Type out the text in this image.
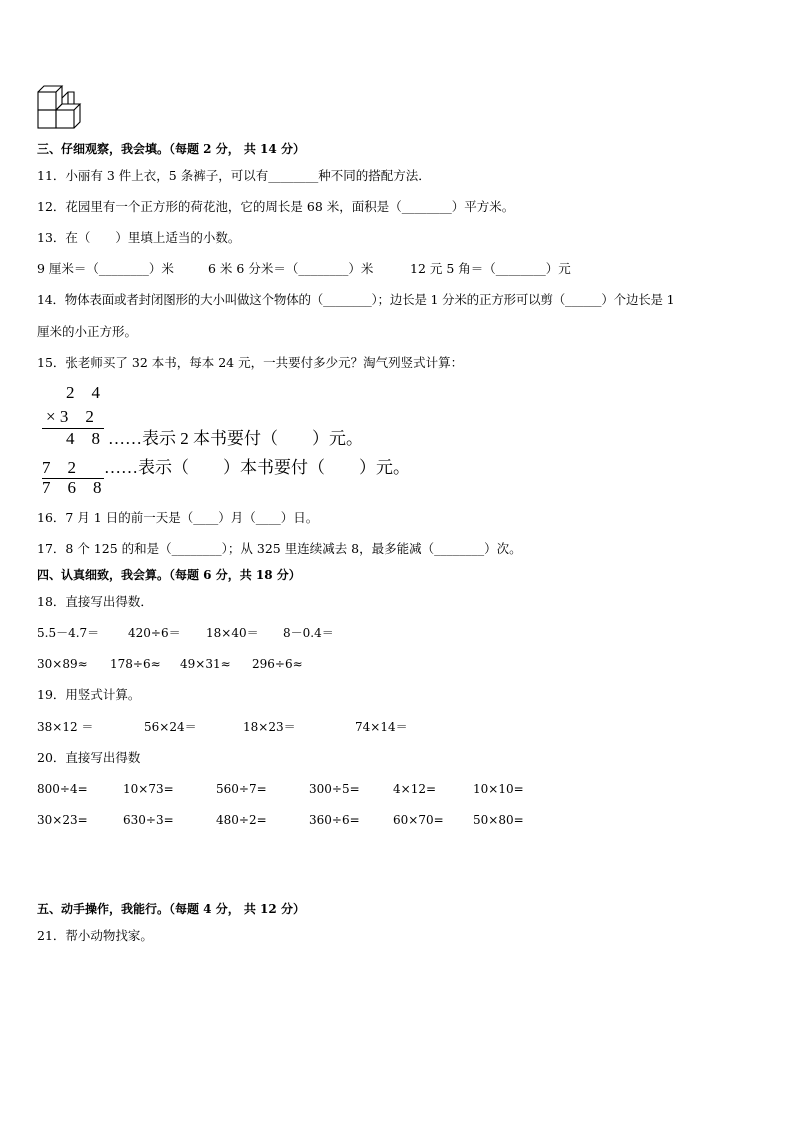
三、仔细观察，我会填。（每题 2 分， 共 14 分）
11．小丽有 3 件上衣，5 条裤子，可以有________种不同的搭配方法．
12．花园里有一个正方形的荷花池，它的周长是 68 米，面积是（________）平方米。
13．在（　　）里填上适当的小数。
9 厘米＝（________）米	6 米 6 分米＝（________）米	12 元 5 角＝（________）元
14．物体表面或者封闭图形的大小叫做这个物体的（________）；边长是 1 分米的正方形可以剪（______）个边长是 1
厘米的小正方形。
15．张老师买了 32 本书，每本 24 元，一共要付多少元？淘气列竖式计算：
2　4
× 3　2
4　8 ……表示 2 本书要付（　　）元。
7　2 ……表示（　　）本书要付（　　）元。
7　6　8
16．7 月 1 日的前一天是（____）月（____）日。
17．8 个 125 的和是（________）；从 325 里连续减去 8，最多能减（________）次。
四、认真细致，我会算。（每题 6 分，共 18 分）
18．直接写出得数．
5.5－4.7＝ 420÷6＝ 18×40＝ 8－0.4＝
30×89≈ 178÷6≈ 49×31≈ 296÷6≈
19．用竖式计算。
38×12 ＝	56×24＝	18×23＝	74×14＝
20．直接写出得数
800÷4=	10×73=	560÷7=	300÷5=	4×12=	10×10=
30×23=	630÷3=	480÷2=	360÷6=	60×70= 50×80=
五、动手操作，我能行。（每题 4 分， 共 12 分）
21．帮小动物找家。
